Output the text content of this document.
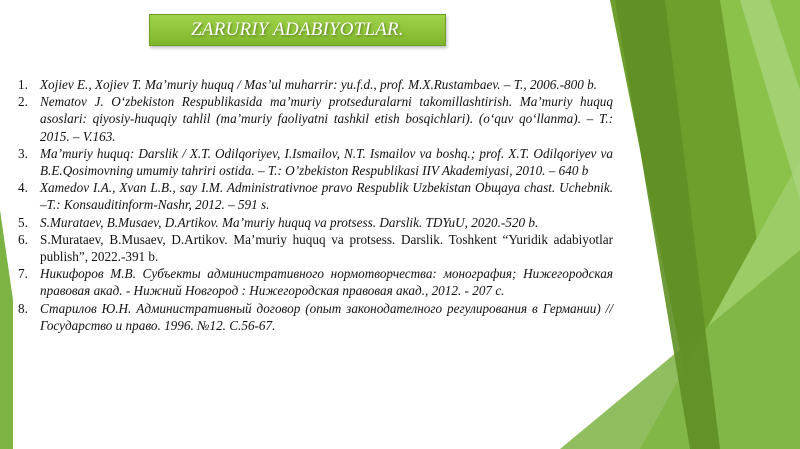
ZARURIY ADABIYOTLAR.
1. Xojiev E., Xojiev T. Ma’muriy huquq / Mas’ul muharrir: yu.f.d., prof. M.X.Rustambaev. – T., 2006.-800 b.
2. Nematov J. O‘zbekiston Respublikasida ma’muriy protseduralarni takomillashtirish. Ma’muriy huquq asoslari: qiyosiy-huquqiy tahlil (ma’muriy faoliyatni tashkil etish bosqichlari). (o‘quv qo‘llanma). – T.: 2015. – V.163.
3. Ma’muriy huquq: Darslik / X.T. Odilqoriyev, I.Ismailov, N.T. Ismailov va boshq.; prof. X.T. Odilqoriyev va B.E.Qosimovning umumiy tahriri ostida. – T.: O’zbekiston Respublikasi IIV Akademiyasi, 2010. – 640 b
4. Xamedov I.A., Xvan L.B., say I.M. Administrativnoe pravo Respublik Uzbekistan Obщaya chast. Uchebnik. –T.: Konsauditinform-Nashr, 2012. – 591 s.
5. S.Murataev, B.Musaev, D.Artikov. Ma’muriy huquq va protsess. Darslik. TDYuU, 2020.-520 b.
6. S.Murataev, B.Musaev, D.Artikov. Ma’muriy huquq va protsess. Darslik. Toshkent “Yuridik adabiyotlar publish”, 2022.-391 b.
7. Никифоров М.В. Субъекты административного нормотворчества: монография; Нижегородская правовая акад. - Нижний Новгород : Нижегородская правовая акад., 2012. - 207 с.
8. Старилов Ю.Н. Административный договор (опыт законодателного регулирования в Германии) // Государство и право. 1996. №12. С.56-67.
